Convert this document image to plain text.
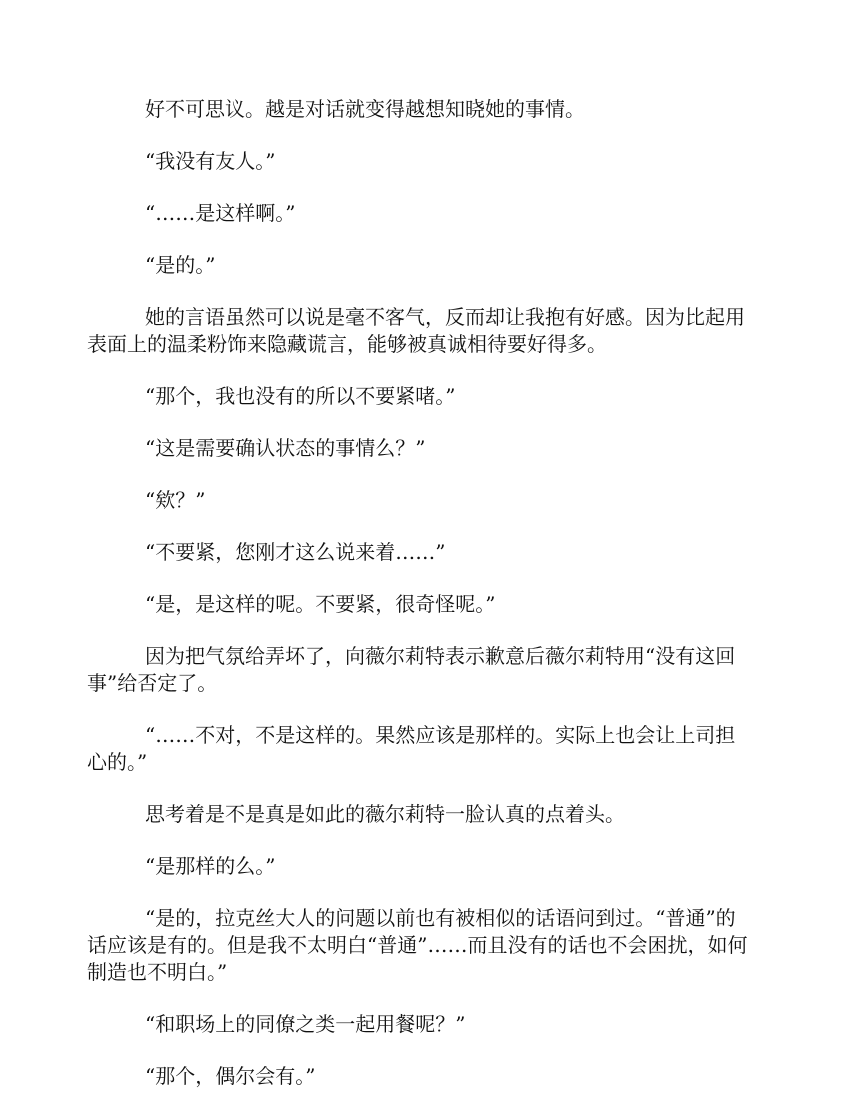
好不可思议。越是对话就变得越想知晓她的事情。

“我没有友人。”

“……是这样啊。”

“是的。”

她的言语虽然可以说是毫不客气，反而却让我抱有好感。因为比起用表面上的温柔粉饰来隐藏谎言，能够被真诚相待要好得多。

“那个，我也没有的所以不要紧啫。”

“这是需要确认状态的事情么？”

“欸？”

“不要紧，您刚才这么说来着……”

“是，是这样的呢。不要紧，很奇怪呢。”

因为把气氛给弄坏了，向薇尔莉特表示歉意后薇尔莉特用“没有这回事”给否定了。

“……不对，不是这样的。果然应该是那样的。实际上也会让上司担心的。”

思考着是不是真是如此的薇尔莉特一脸认真的点着头。

“是那样的么。”

“是的，拉克丝大人的问题以前也有被相似的话语问到过。“普通”的话应该是有的。但是我不太明白“普通”……而且没有的话也不会困扰，如何制造也不明白。”

“和职场上的同僚之类一起用餐呢？”

“那个，偶尔会有。”
